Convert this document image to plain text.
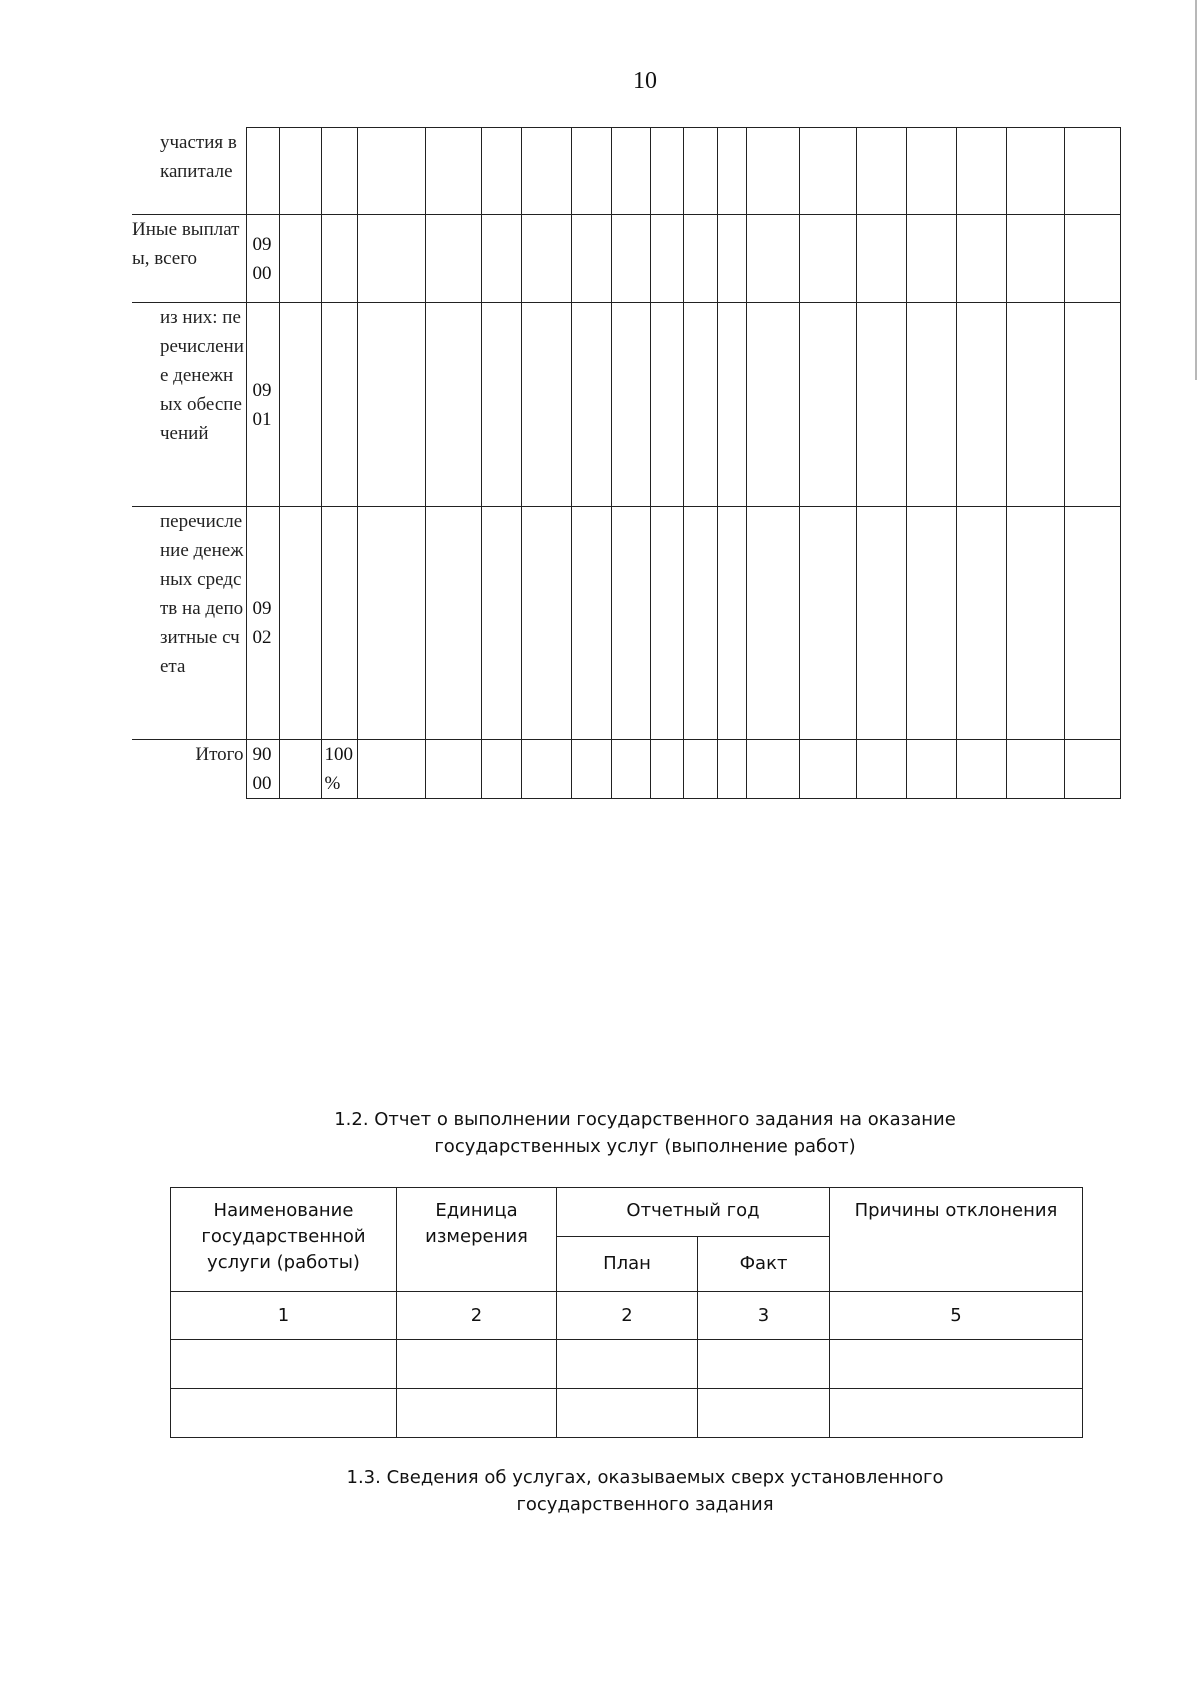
10
участия в капитале																			
Иные выплаты, всего	09 00																		
из них: перечисление денежных обеспечений	09 01																		
перечисление денежных средств на депозитные счета	09 02																		
Итого	90 00		100 %																
1.2. Отчет о выполнении государственного задания на оказание
государственных услуг (выполнение работ)
Наименование государственной услуги (работы)	Единица измерения	Отчетный год		Причины отклонения
		План	Факт	
1	2	2	3	5

1.3. Сведения об услугах, оказываемых сверх установленного
государственного задания
